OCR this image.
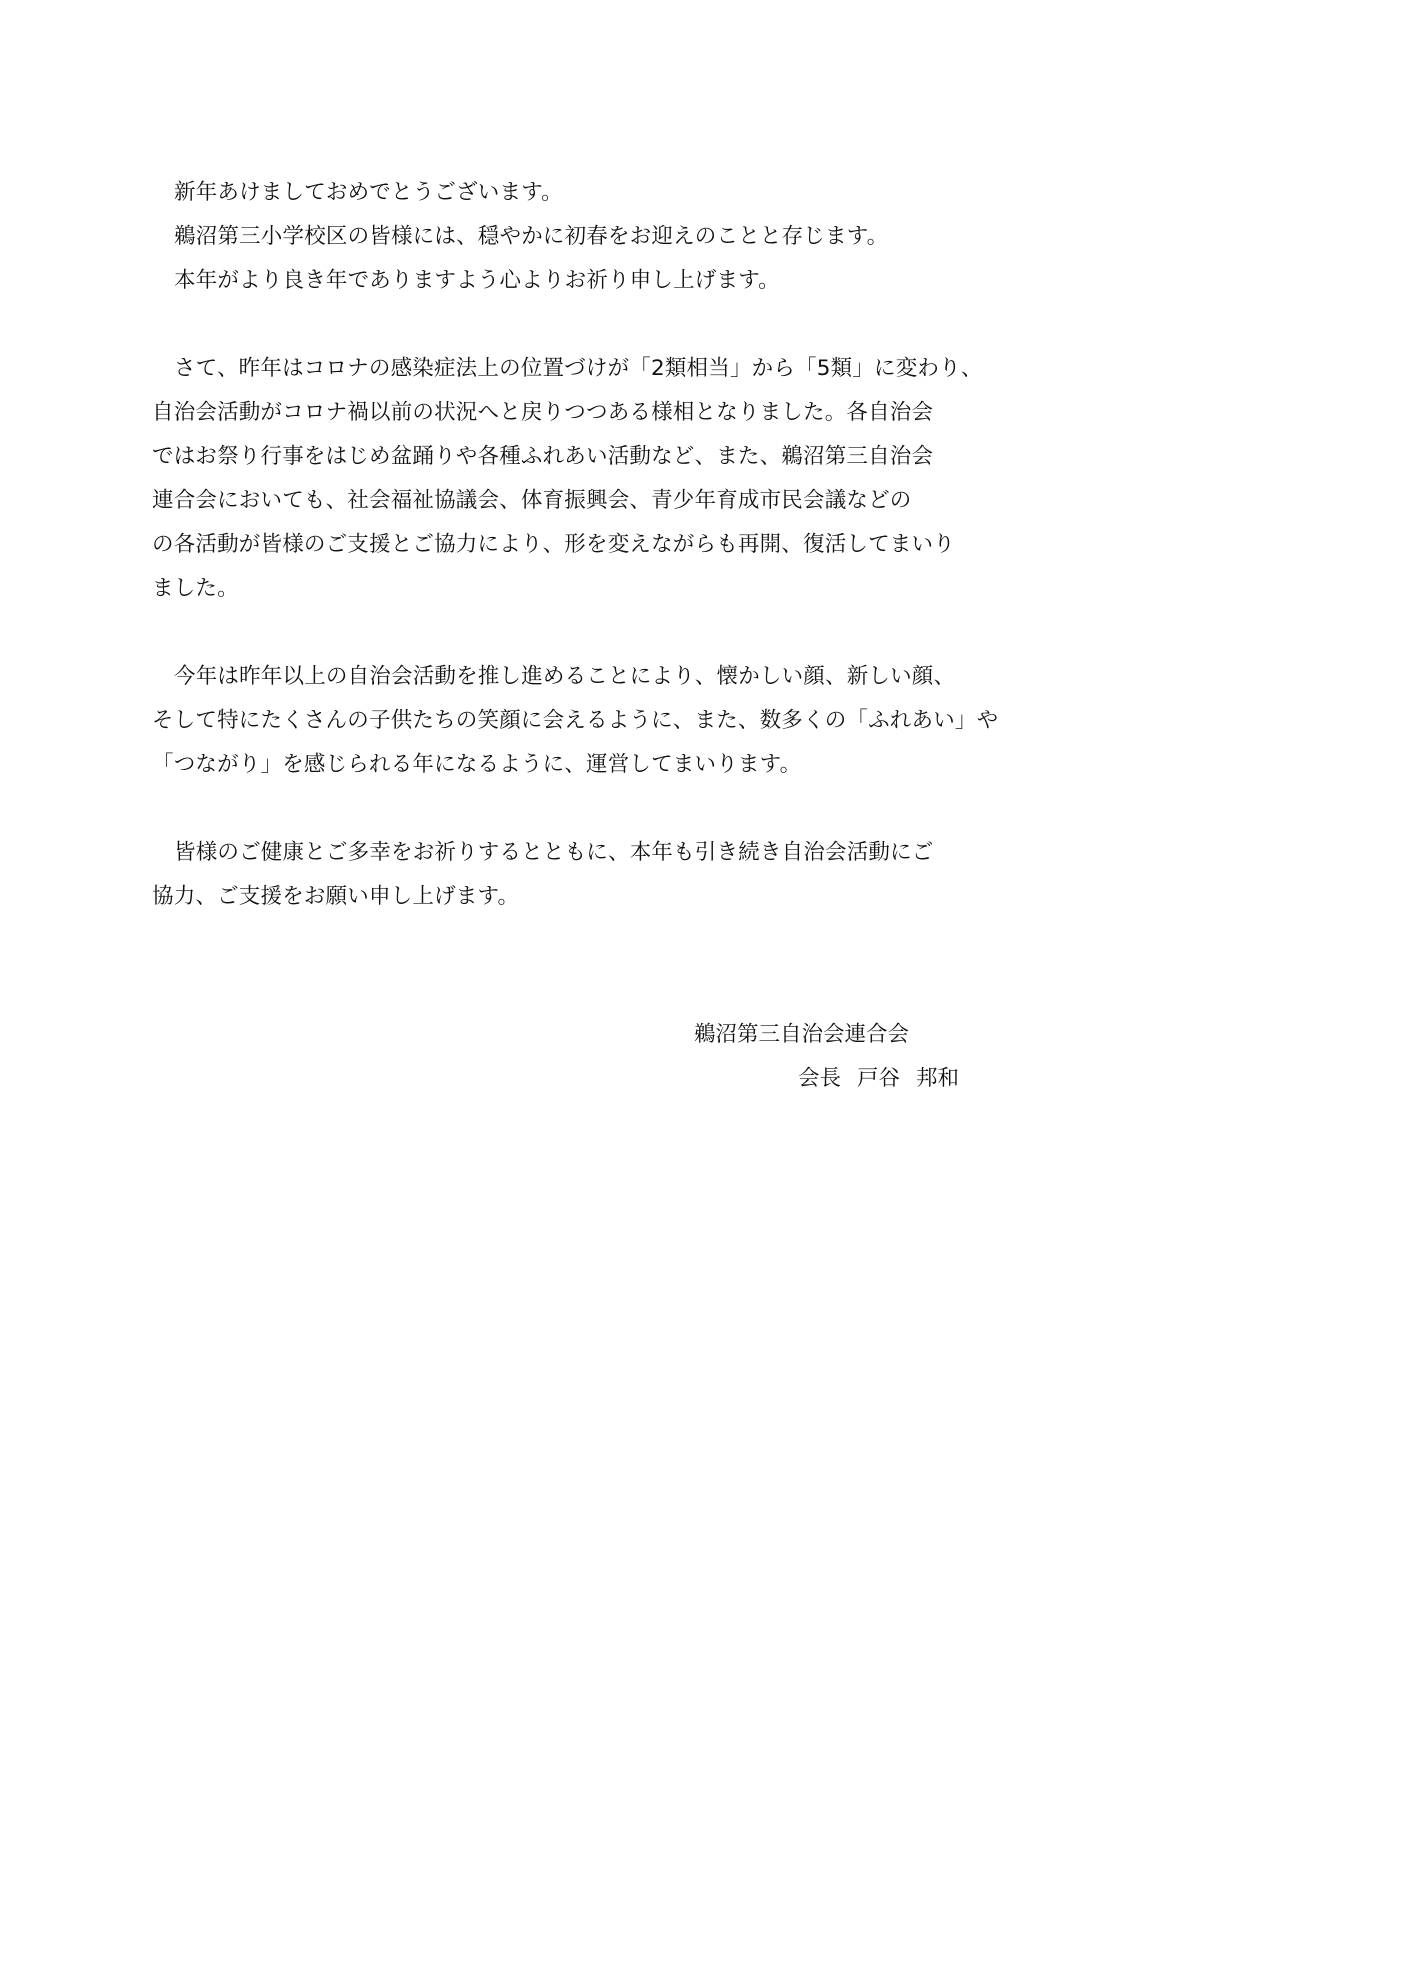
新年あけましておめでとうございます。

鵜沼第三小学校区の皆様には、穏やかに初春をお迎えのことと存じます。

本年がより良き年でありますよう心よりお祈り申し上げます。

さて、昨年はコロナの感染症法上の位置づけが「2類相当」から「5類」に変わり、

自治会活動がコロナ禍以前の状況へと戻りつつある様相となりました。各自治会

ではお祭り行事をはじめ盆踊りや各種ふれあい活動など、また、鵜沼第三自治会

連合会においても、社会福祉協議会、体育振興会、青少年育成市民会議などの

の各活動が皆様のご支援とご協力により、形を変えながらも再開、復活してまいり

ました。

今年は昨年以上の自治会活動を推し進めることにより、懐かしい顔、新しい顔、

そして特にたくさんの子供たちの笑顔に会えるように、また、数多くの「ふれあい」や

「つながり」を感じられる年になるように、運営してまいります。

皆様のご健康とご多幸をお祈りするとともに、本年も引き続き自治会活動にご

協力、ご支援をお願い申し上げます。

鵜沼第三自治会連合会

会長 戸谷 邦和
